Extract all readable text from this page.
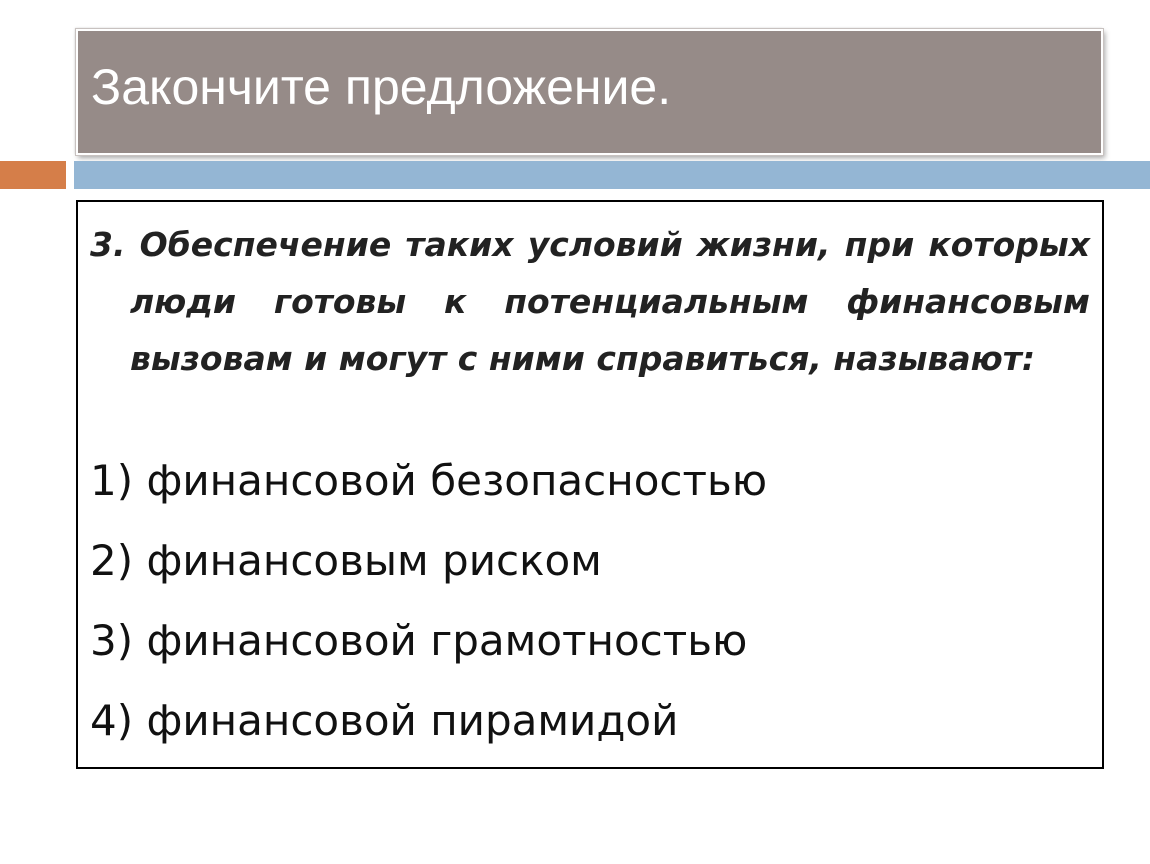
Закончите предложение.
3. Обеспечение таких условий жизни, при которых люди готовы к потенциальным финансовым вызовам и могут с ними справиться, называют:
1) финансовой безопасностью
2) финансовым риском
3) финансовой грамотностью
4) финансовой пирамидой
